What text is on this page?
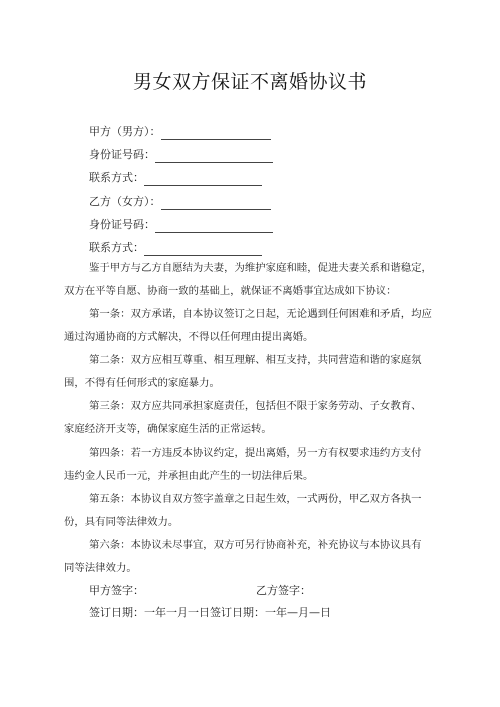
男女双方保证不离婚协议书
甲方（男方）：
身份证号码：
联系方式：
乙方（女方）：
身份证号码：
联系方式：
鉴于甲方与乙方自愿结为夫妻，为维护家庭和睦，促进夫妻关系和谐稳定，
双方在平等自愿、协商一致的基础上，就保证不离婚事宜达成如下协议：
第一条：双方承诺，自本协议签订之日起，无论遇到任何困难和矛盾，均应
通过沟通协商的方式解决，不得以任何理由提出离婚。
第二条：双方应相互尊重、相互理解、相互支持，共同营造和谐的家庭氛
围，不得有任何形式的家庭暴力。
第三条：双方应共同承担家庭责任，包括但不限于家务劳动、子女教育、
家庭经济开支等，确保家庭生活的正常运转。
第四条：若一方违反本协议约定，提出离婚，另一方有权要求违约方支付
违约金人民币一元，并承担由此产生的一切法律后果。
第五条：本协议自双方签字盖章之日起生效，一式两份，甲乙双方各执一
份，具有同等法律效力。
第六条：本协议未尽事宜，双方可另行协商补充，补充协议与本协议具有
同等法律效力。
甲方签字：	乙方签字：
签订日期：一年一月一日签订日期：一年—月—日
